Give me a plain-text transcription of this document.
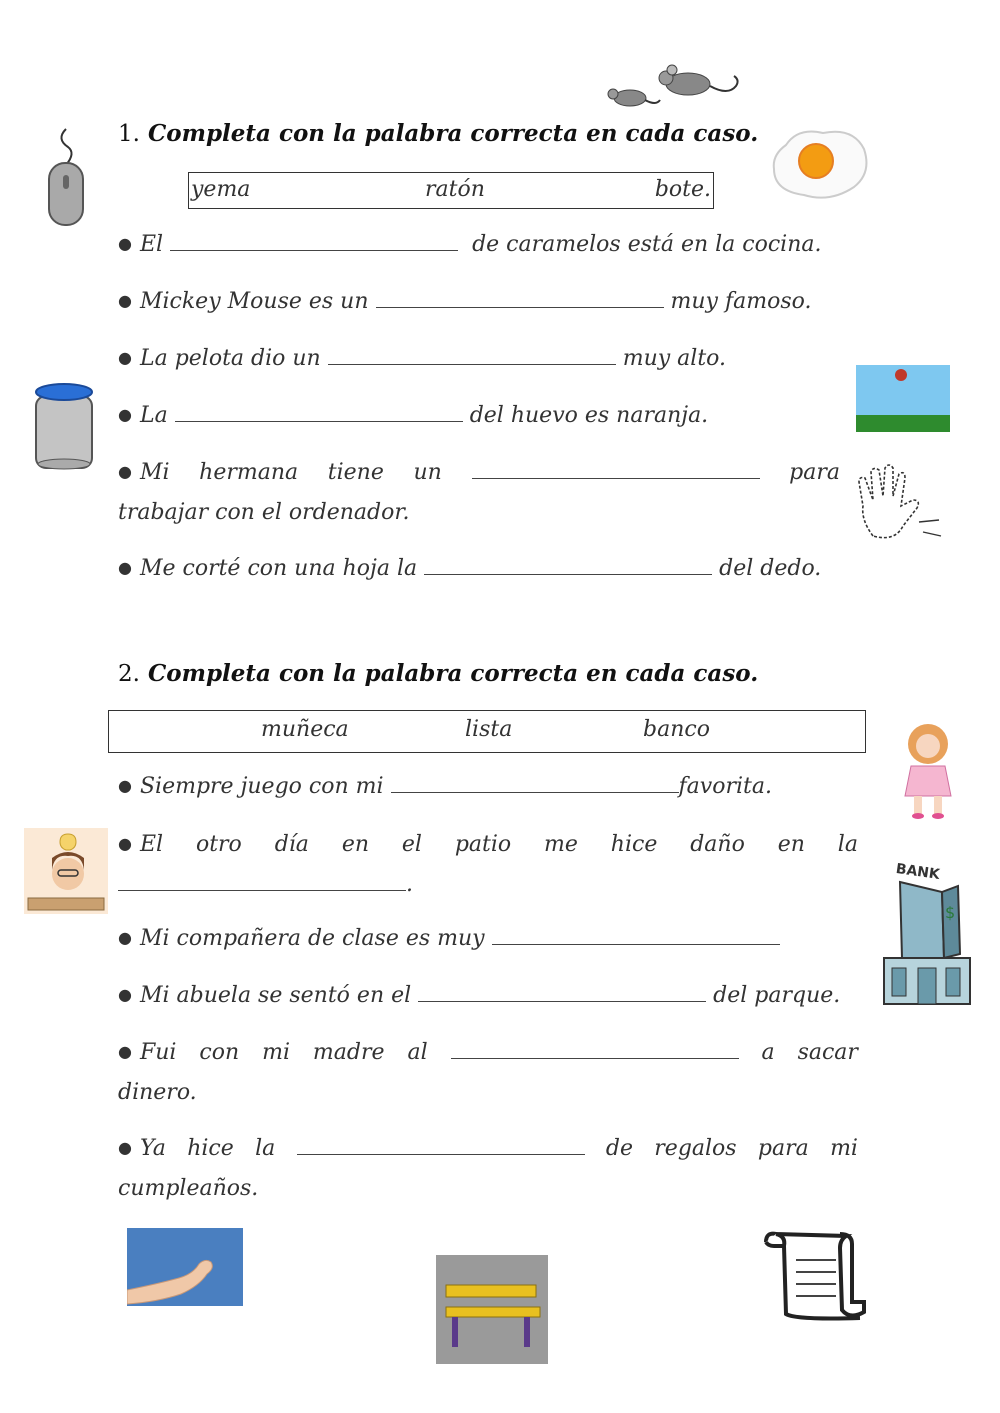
BANK
$
1. Completa con la palabra correcta en cada caso.
yema	ratón	bote.
● El	de caramelos está en la cocina.
● Mickey Mouse es un	muy famoso.
● La pelota dio un	muy alto.
● La	del huevo es naranja.
● Mi hermana tiene un	para
trabajar con el ordenador.
● Me corté con una hoja la	del dedo.
2. Completa con la palabra correcta en cada caso.
muñeca	lista	banco
● Siempre juego con mi	favorita.
● El otro día en el patio me hice daño en la
.
● Mi compañera de clase es muy
● Mi abuela se sentó en el	del parque.
● Fui con mi madre al	a sacar
dinero.
● Ya hice la	de regalos para mi
cumpleaños.
